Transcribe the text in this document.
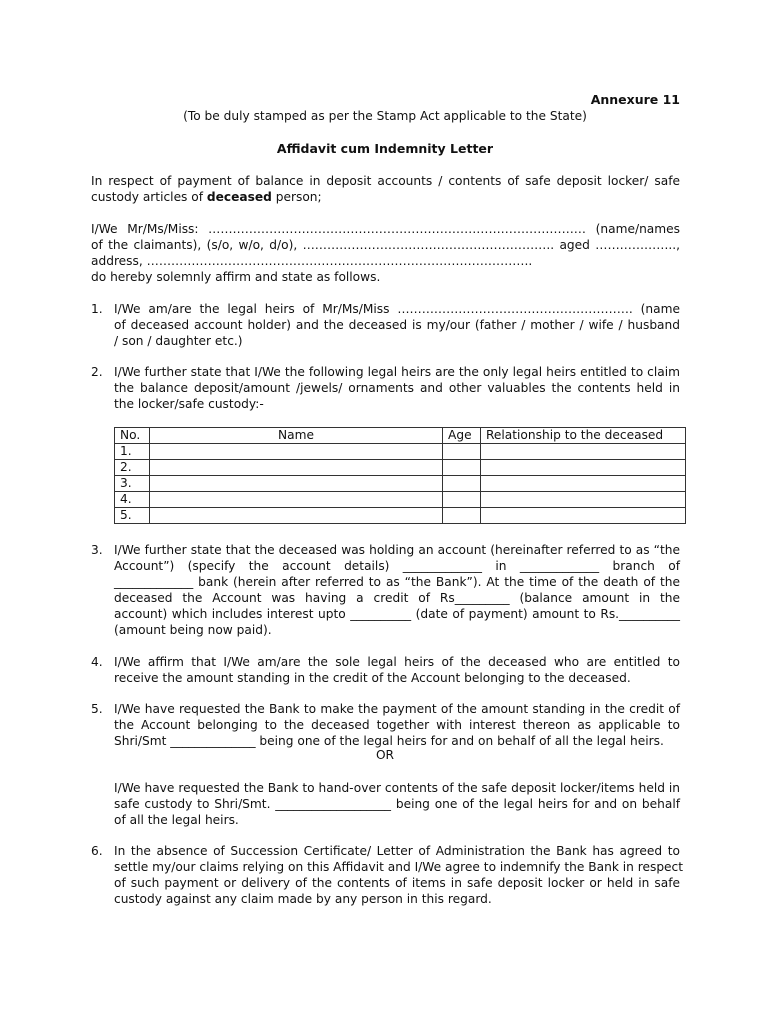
Annexure 11
(To be duly stamped as per the Stamp Act applicable to the State)
Affidavit cum Indemnity Letter
In respect of payment of balance in deposit accounts / contents of safe deposit locker/ safe
custody articles of deceased person;
I/We Mr/Ms/Miss: ………………………………………………………………………………… (name/names
of the claimants), (s/o, w/o, d/o), …………………………………………………….. aged ………………..,
address, …………………………………………………………………………………..
do hereby solemnly affirm and state as follows.
1. I/We am/are the legal heirs of Mr/Ms/Miss …………………………………………………. (name
of deceased account holder) and the deceased is my/our (father / mother / wife / husband
/ son / daughter etc.)
2. I/We further state that I/We the following legal heirs are the only legal heirs entitled to claim
the balance deposit/amount /jewels/ ornaments and other valuables the contents held in
the locker/safe custody:-
No.	Name	Age	Relationship to the deceased
1.			
2.			
3.			
4.			
5.			
3. I/We further state that the deceased was holding an account (hereinafter referred to as “the
Account”) (specify the account details) _____________ in _____________ branch of
_____________ bank (herein after referred to as “the Bank”). At the time of the death of the
deceased the Account was having a credit of Rs_________ (balance amount in the
account) which includes interest upto __________ (date of payment) amount to Rs.__________
(amount being now paid).
4. I/We affirm that I/We am/are the sole legal heirs of the deceased who are entitled to
receive the amount standing in the credit of the Account belonging to the deceased.
5. I/We have requested the Bank to make the payment of the amount standing in the credit of
the Account belonging to the deceased together with interest thereon as applicable to
Shri/Smt ______________ being one of the legal heirs for and on behalf of all the legal heirs.
OR
I/We have requested the Bank to hand-over contents of the safe deposit locker/items held in
safe custody to Shri/Smt. ___________________ being one of the legal heirs for and on behalf
of all the legal heirs.
6. In the absence of Succession Certificate/ Letter of Administration the Bank has agreed to
settle my/our claims relying on this Affidavit and I/We agree to indemnify the Bank in respect
of such payment or delivery of the contents of items in safe deposit locker or held in safe
custody against any claim made by any person in this regard.
